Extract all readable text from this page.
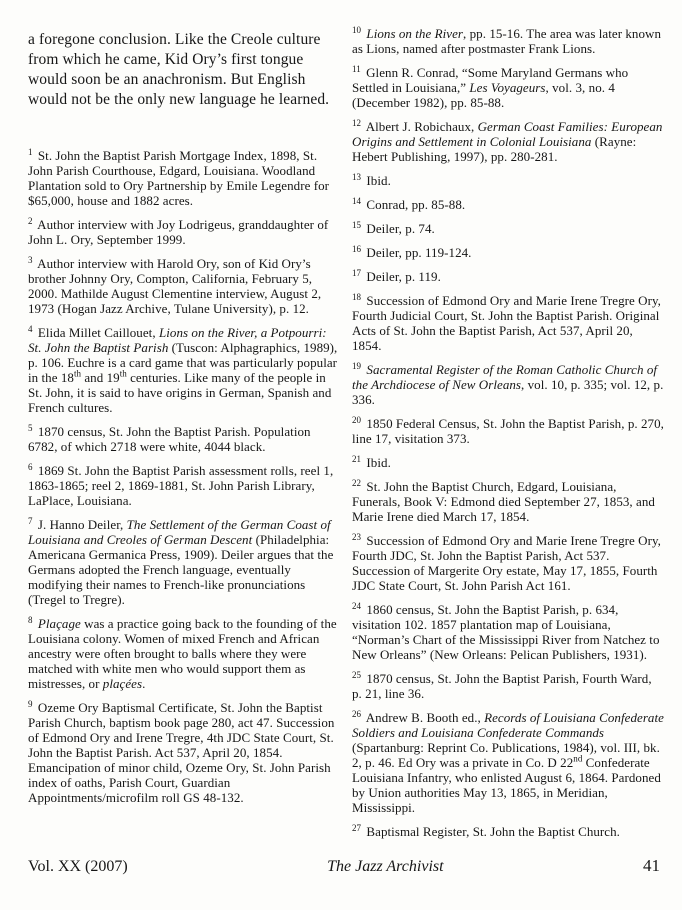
a foregone conclusion. Like the Creole culture from which he came, Kid Ory’s first tongue would soon be an anachronism. But English would not be the only new language he learned.

$^1$ St. John the Baptist Parish Mortgage Index, 1898, St. John Parish Courthouse, Edgard, Louisiana. Woodland Plantation sold to Ory Partnership by Emile Legendre for $65,000, house and 1882 acres.

$^2$ Author interview with Joy Lodrigeus, granddaughter of John L. Ory, September 1999.

$^3$ Author interview with Harold Ory, son of Kid Ory’s brother Johnny Ory, Compton, California, February 5, 2000. Mathilde August Clementine interview, August 2, 1973 (Hogan Jazz Archive, Tulane University), p. 12.

$^4$ Elida Millet Caillouet, Lions on the River, a Potpourri: St. John the Baptist Parish (Tuscon: Alphagraphics, 1989), p. 106. Euchre is a card game that was particularly popular in the 18th and 19th centuries. Like many of the people in St. John, it is said to have origins in German, Spanish and French cultures.

$^5$ 1870 census, St. John the Baptist Parish. Population 6782, of which 2718 were white, 4044 black.

$^6$ 1869 St. John the Baptist Parish assessment rolls, reel 1, 1863-1865; reel 2, 1869-1881, St. John Parish Library, LaPlace, Louisiana.

$^7$ J. Hanno Deiler, The Settlement of the German Coast of Louisiana and Creoles of German Descent (Philadelphia: Americana Germanica Press, 1909). Deiler argues that the Germans adopted the French language, eventually modifying their names to French-like pronunciations (Tregel to Tregre).

$^8$ Plaçage was a practice going back to the founding of the Louisiana colony. Women of mixed French and African ancestry were often brought to balls where they were matched with white men who would support them as mistresses, or plaçées.

$^9$ Ozeme Ory Baptismal Certificate, St. John the Baptist Parish Church, baptism book page 280, act 47. Succession of Edmond Ory and Irene Tregre, 4th JDC State Court, St. John the Baptist Parish. Act 537, April 20, 1854. Emancipation of minor child, Ozeme Ory, St. John Parish index of oaths, Parish Court, Guardian Appointments/microfilm roll GS 48-132.

$^{10}$ Lions on the River, pp. 15-16. The area was later known as Lions, named after postmaster Frank Lions.

$^{11}$ Glenn R. Conrad, “Some Maryland Germans who Settled in Louisiana,” Les Voyageurs, vol. 3, no. 4 (December 1982), pp. 85-88.

$^{12}$ Albert J. Robichaux, German Coast Families: European Origins and Settlement in Colonial Louisiana (Rayne: Hebert Publishing, 1997), pp. 280-281.

$^{13}$ Ibid.

$^{14}$ Conrad, pp. 85-88.

$^{15}$ Deiler, p. 74.

$^{16}$ Deiler, pp. 119-124.

$^{17}$ Deiler, p. 119.

$^{18}$ Succession of Edmond Ory and Marie Irene Tregre Ory, Fourth Judicial Court, St. John the Baptist Parish. Original Acts of St. John the Baptist Parish, Act 537, April 20, 1854.

$^{19}$ Sacramental Register of the Roman Catholic Church of the Archdiocese of New Orleans, vol. 10, p. 335; vol. 12, p. 336.

$^{20}$ 1850 Federal Census, St. John the Baptist Parish, p. 270, line 17, visitation 373.

$^{21}$ Ibid.

$^{22}$ St. John the Baptist Church, Edgard, Louisiana, Funerals, Book V: Edmond died September 27, 1853, and Marie Irene died March 17, 1854.

$^{23}$ Succession of Edmond Ory and Marie Irene Tregre Ory, Fourth JDC, St. John the Baptist Parish, Act 537. Succession of Margerite Ory estate, May 17, 1855, Fourth JDC State Court, St. John Parish Act 161.

$^{24}$ 1860 census, St. John the Baptist Parish, p. 634, visitation 102. 1857 plantation map of Louisiana, “Norman’s Chart of the Mississippi River from Natchez to New Orleans” (New Orleans: Pelican Publishers, 1931).

$^{25}$ 1870 census, St. John the Baptist Parish, Fourth Ward, p. 21, line 36.

$^{26}$ Andrew B. Booth ed., Records of Louisiana Confederate Soldiers and Louisiana Confederate Commands (Spartanburg: Reprint Co. Publications, 1984), vol. III, bk. 2, p. 46. Ed Ory was a private in Co. D 22nd Confederate Louisiana Infantry, who enlisted August 6, 1864. Pardoned by Union authorities May 13, 1865, in Meridian, Mississippi.

$^{27}$ Baptismal Register, St. John the Baptist Church.

Vol. XX (2007)	The Jazz Archivist	41
